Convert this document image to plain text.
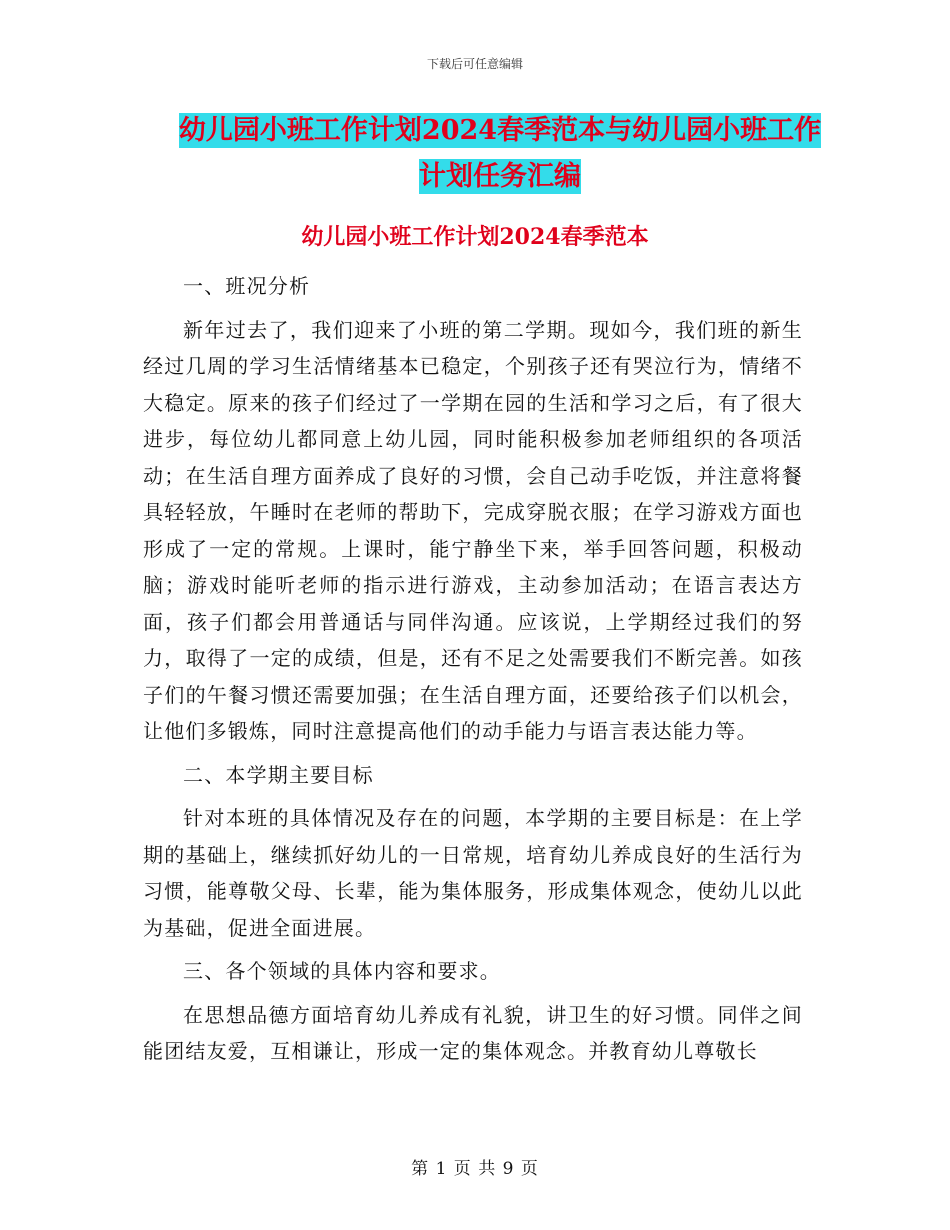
下载后可任意编辑
幼儿园小班工作计划2024春季范本与幼儿园小班工作
计划任务汇编
幼儿园小班工作计划2024春季范本

一、班况分析

新年过去了，我们迎来了小班的第二学期。现如今，我们班的新生经过几周的学习生活情绪基本已稳定，个别孩子还有哭泣行为，情绪不大稳定。原来的孩子们经过了一学期在园的生活和学习之后，有了很大进步，每位幼儿都同意上幼儿园，同时能积极参加老师组织的各项活动；在生活自理方面养成了良好的习惯，会自己动手吃饭，并注意将餐具轻轻放，午睡时在老师的帮助下，完成穿脱衣服；在学习游戏方面也形成了一定的常规。上课时，能宁静坐下来，举手回答问题，积极动脑；游戏时能听老师的指示进行游戏，主动参加活动；在语言表达方面，孩子们都会用普通话与同伴沟通。应该说，上学期经过我们的努力，取得了一定的成绩，但是，还有不足之处需要我们不断完善。如孩子们的午餐习惯还需要加强；在生活自理方面，还要给孩子们以机会，让他们多锻炼，同时注意提高他们的动手能力与语言表达能力等。

二、本学期主要目标

针对本班的具体情况及存在的问题，本学期的主要目标是：在上学期的基础上，继续抓好幼儿的一日常规，培育幼儿养成良好的生活行为习惯，能尊敬父母、长辈，能为集体服务，形成集体观念，使幼儿以此为基础，促进全面进展。

三、各个领域的具体内容和要求。

在思想品德方面培育幼儿养成有礼貌，讲卫生的好习惯。同伴之间能团结友爱，互相谦让，形成一定的集体观念。并教育幼儿尊敬长

第 1 页 共 9 页
